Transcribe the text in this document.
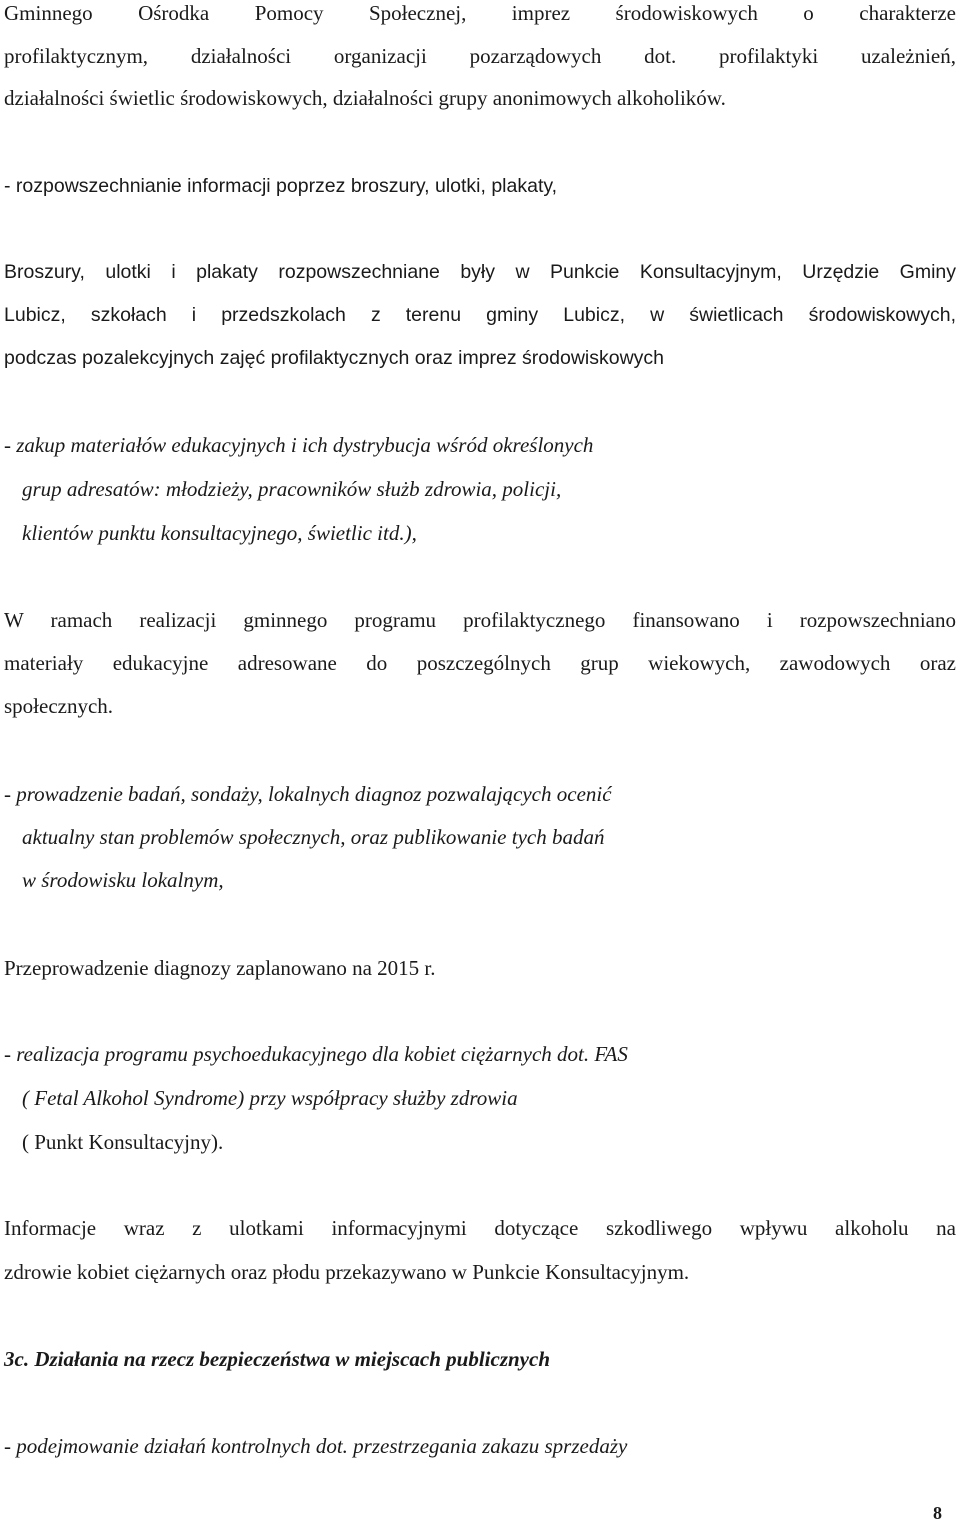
Gminnego Ośrodka Pomocy Społecznej, imprez środowiskowych o charakterze
profilaktycznym, działalności organizacji pozarządowych dot. profilaktyki uzależnień,
działalności świetlic środowiskowych, działalności grupy anonimowych alkoholików.
- rozpowszechnianie informacji poprzez broszury, ulotki, plakaty,
Broszury, ulotki i plakaty rozpowszechniane były w Punkcie Konsultacyjnym, Urzędzie Gminy
Lubicz, szkołach i przedszkolach z terenu gminy Lubicz, w świetlicach środowiskowych,
podczas pozalekcyjnych zajęć profilaktycznych oraz imprez środowiskowych
- zakup materiałów edukacyjnych i ich dystrybucja wśród określonych
grup adresatów: młodzieży, pracowników służb zdrowia, policji,
klientów punktu konsultacyjnego, świetlic itd.),
W ramach realizacji gminnego programu profilaktycznego finansowano i rozpowszechniano
materiały edukacyjne adresowane do poszczególnych grup wiekowych, zawodowych oraz
społecznych.
- prowadzenie badań, sondaży, lokalnych diagnoz pozwalających ocenić
aktualny stan problemów społecznych, oraz publikowanie tych badań
w środowisku lokalnym,
Przeprowadzenie diagnozy zaplanowano na 2015 r.
- realizacja programu psychoedukacyjnego dla kobiet ciężarnych dot. FAS
( Fetal Alkohol Syndrome) przy współpracy służby zdrowia
( Punkt Konsultacyjny).
Informacje wraz z ulotkami informacyjnymi dotyczące szkodliwego wpływu alkoholu na
zdrowie kobiet ciężarnych oraz płodu przekazywano w Punkcie Konsultacyjnym.
3c. Działania na rzecz bezpieczeństwa w miejscach publicznych
- podejmowanie działań kontrolnych dot. przestrzegania zakazu sprzedaży
8
